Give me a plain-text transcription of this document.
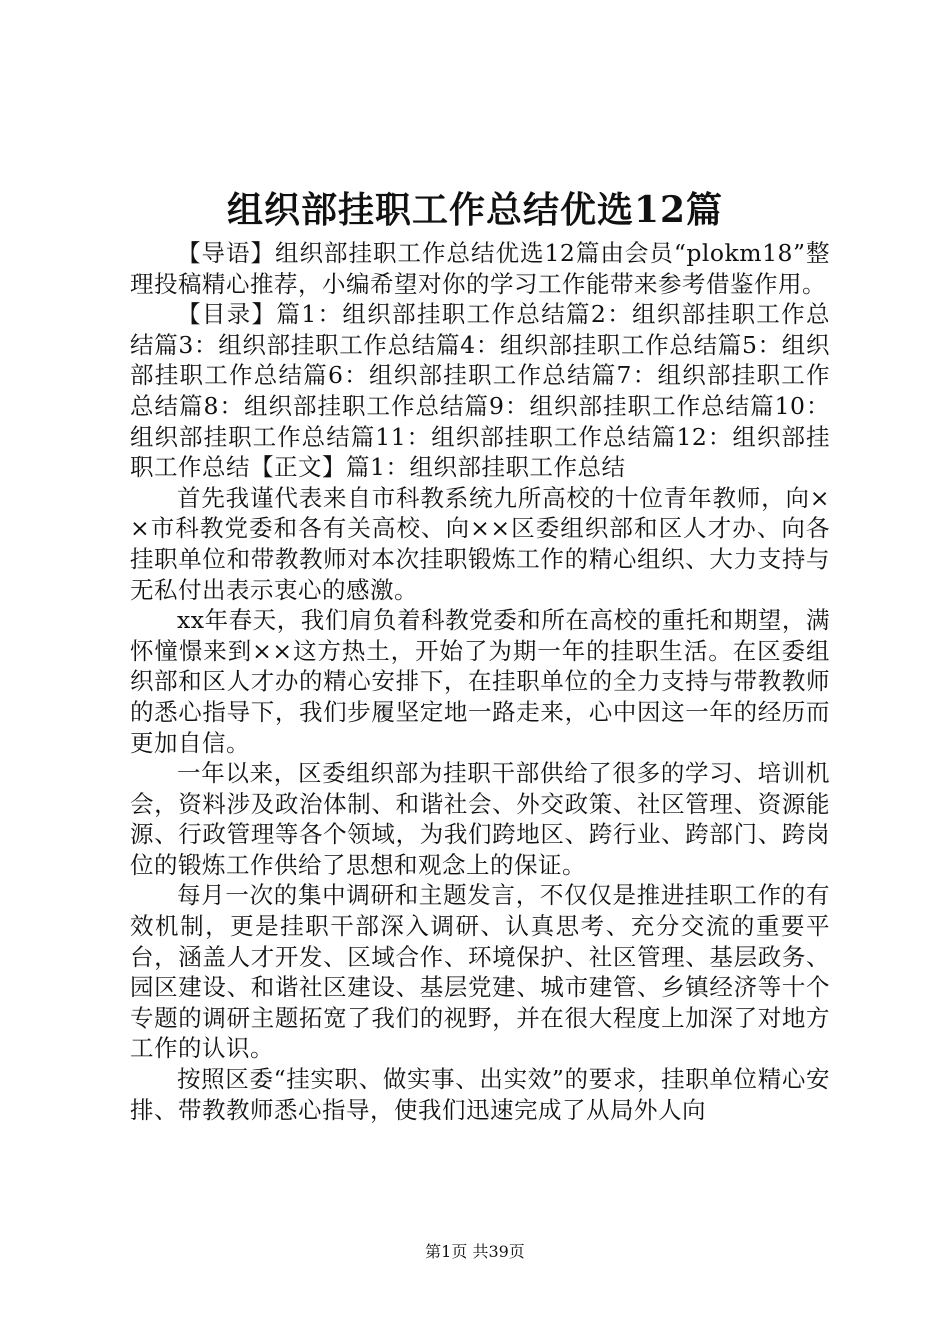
组织部挂职工作总结优选12篇

【导语】组织部挂职工作总结优选12篇由会员“plokm18”整理投稿精心推荐，小编希望对你的学习工作能带来参考借鉴作用。

【目录】篇1：组织部挂职工作总结篇2：组织部挂职工作总结篇3：组织部挂职工作总结篇4：组织部挂职工作总结篇5：组织部挂职工作总结篇6：组织部挂职工作总结篇7：组织部挂职工作总结篇8：组织部挂职工作总结篇9：组织部挂职工作总结篇10：组织部挂职工作总结篇11：组织部挂职工作总结篇12：组织部挂职工作总结【正文】篇1：组织部挂职工作总结

首先我谨代表来自市科教系统九所高校的十位青年教师，向××市科教党委和各有关高校、向××区委组织部和区人才办、向各挂职单位和带教教师对本次挂职锻炼工作的精心组织、大力支持与无私付出表示衷心的感激。

xx年春天，我们肩负着科教党委和所在高校的重托和期望，满怀憧憬来到××这方热土，开始了为期一年的挂职生活。在区委组织部和区人才办的精心安排下，在挂职单位的全力支持与带教教师的悉心指导下，我们步履坚定地一路走来，心中因这一年的经历而更加自信。

一年以来，区委组织部为挂职干部供给了很多的学习、培训机会，资料涉及政治体制、和谐社会、外交政策、社区管理、资源能源、行政管理等各个领域，为我们跨地区、跨行业、跨部门、跨岗位的锻炼工作供给了思想和观念上的保证。

每月一次的集中调研和主题发言，不仅仅是推进挂职工作的有效机制，更是挂职干部深入调研、认真思考、充分交流的重要平台，涵盖人才开发、区域合作、环境保护、社区管理、基层政务、园区建设、和谐社区建设、基层党建、城市建管、乡镇经济等十个专题的调研主题拓宽了我们的视野，并在很大程度上加深了对地方工作的认识。

按照区委“挂实职、做实事、出实效”的要求，挂职单位精心安排、带教教师悉心指导，使我们迅速完成了从局外人向

第1页 共39页
